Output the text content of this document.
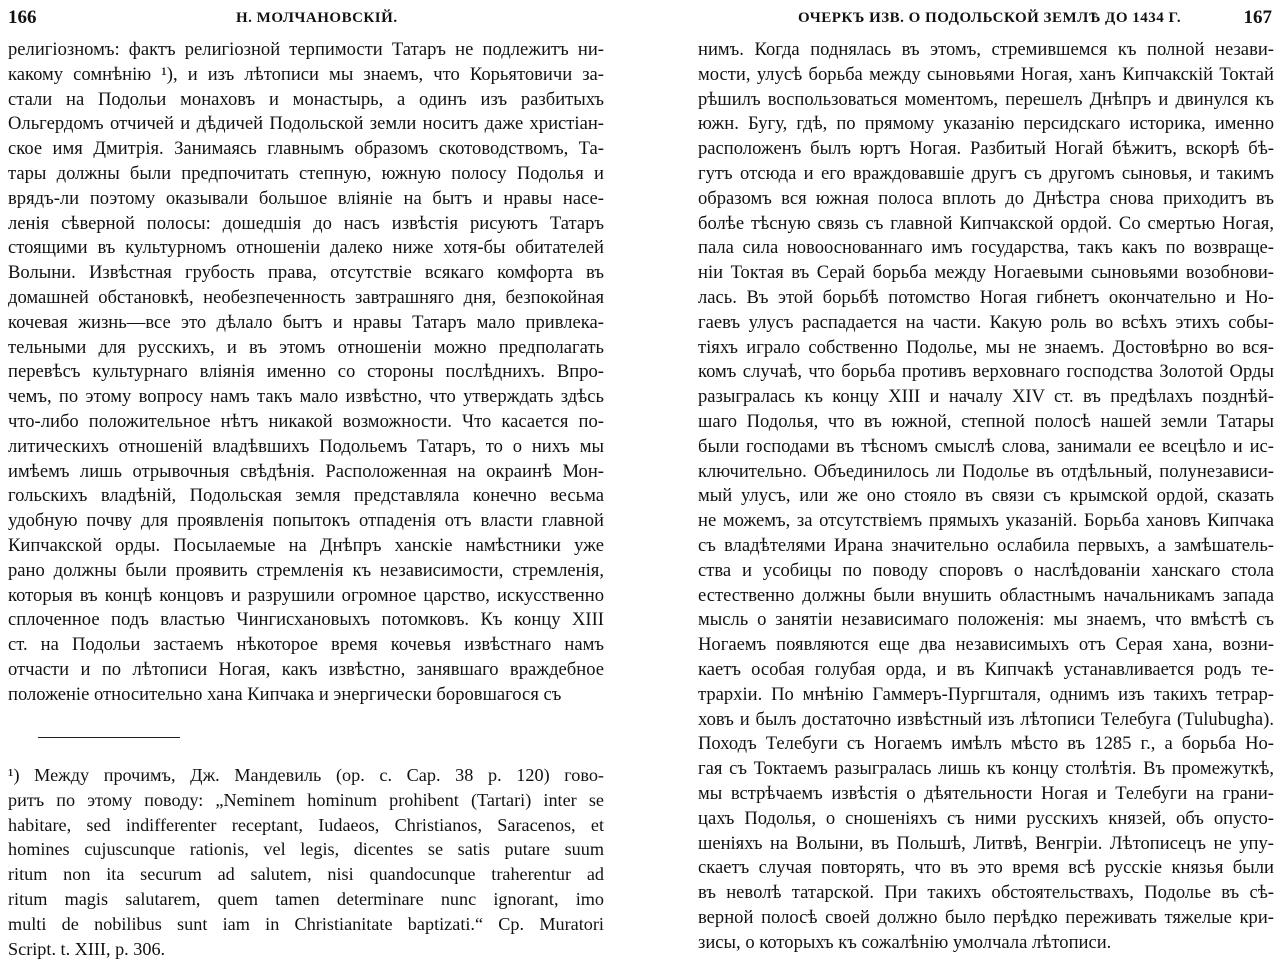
166	Н. МОЛЧАНОВСКІЙ.
религіозномъ: фактъ религіозной терпимости Татаръ не подлежитъ ни-
какому сомнѣнію ¹), и изъ лѣтописи мы знаемъ, что Корьятовичи за-
стали на Подольи монаховъ и монастырь, а одинъ изъ разбитыхъ
Ольгердомъ отчичей и дѣдичей Подольской земли носитъ даже христіан-
ское имя Дмитрія. Занимаясь главнымъ образомъ скотоводствомъ, Та-
тары должны были предпочитать степную, южную полосу Подолья и
врядъ-ли поэтому оказывали большое вліяніе на бытъ и нравы насе-
ленія сѣверной полосы: дошедшія до насъ извѣстія рисуютъ Татаръ
стоящими въ культурномъ отношеніи далеко ниже хотя-бы обитателей
Волыни. Извѣстная грубость права, отсутствіе всякаго комфорта въ
домашней обстановкѣ, необезпеченность завтрашняго дня, безпокойная
кочевая жизнь—все это дѣлало бытъ и нравы Татаръ мало привлека-
тельными для русскихъ, и въ этомъ отношеніи можно предполагать
перевѣсъ культурнаго вліянія именно со стороны послѣднихъ. Впро-
чемъ, по этому вопросу намъ такъ мало извѣстно, что утверждать здѣсь
что-либо положительное нѣтъ никакой возможности. Что касается по-
литическихъ отношеній владѣвшихъ Подольемъ Татаръ, то о нихъ мы
имѣемъ лишь отрывочныя свѣдѣнія. Расположенная на окраинѣ Мон-
гольскихъ владѣній, Подольская земля представляла конечно весьма
удобную почву для проявленія попытокъ отпаденія отъ власти главной
Кипчакской орды. Посылаемые на Днѣпръ ханскіе намѣстники уже
рано должны были проявить стремленія къ независимости, стремленія,
которыя въ концѣ концовъ и разрушили огромное царство, искусственно
сплоченное подъ властью Чингисхановыхъ потомковъ. Къ концу XIII
ст. на Подольи застаемъ нѣкоторое время кочевья извѣстнаго намъ
отчасти и по лѣтописи Ногая, какъ извѣстно, занявшаго враждебное
положеніе относительно хана Кипчака и энергически боровшагося съ
¹) Между прочимъ, Дж. Мандевиль (ор. с. Сар. 38 р. 120) гово-
ритъ по этому поводу: „Neminem hominum prohibent (Tartari) inter se
habitare, sed indifferenter receptant, Iudaeos, Christianos, Saracenos, et
homines cujuscunque rationis, vel legis, dicentes se satis putare suum
ritum non ita securum ad salutem, nisi quandocunque traherentur ad
ritum magis salutarem, quem tamen determinare nunc ignorant, imo
multi de nobilibus sunt iam in Christianitate baptizati.“ Cp. Muratori
Script. t. XIII, p. 306.
ОЧЕРКЪ ИЗВ. О ПОДОЛЬСКОЙ ЗЕМЛѢ ДО 1434 Г.	167
нимъ. Когда поднялась въ этомъ, стремившемся къ полной незави-
мости, улусѣ борьба между сыновьями Ногая, ханъ Кипчакскій Токтай
рѣшилъ воспользоваться моментомъ, перешелъ Днѣпръ и двинулся къ
южн. Бугу, гдѣ, по прямому указанію персидскаго историка, именно
расположенъ былъ юртъ Ногая. Разбитый Ногай бѣжитъ, вскорѣ бѣ-
гутъ отсюда и его враждовавшіе другъ съ другомъ сыновья, и такимъ
образомъ вся южная полоса вплоть до Днѣстра снова приходитъ въ
болѣе тѣсную связь съ главной Кипчакской ордой. Со смертью Ногая,
пала сила новооснованнаго имъ государства, такъ какъ по возвраще-
ніи Токтая въ Серай борьба между Ногаевыми сыновьями возобнови-
лась. Въ этой борьбѣ потомство Ногая гибнетъ окончательно и Но-
гаевъ улусъ распадается на части. Какую роль во всѣхъ этихъ собы-
тіяхъ играло собственно Подолье, мы не знаемъ. Достовѣрно во вся-
комъ случаѣ, что борьба противъ верховнаго господства Золотой Орды
разыгралась къ концу XIII и началу XIV ст. въ предѣлахъ позднѣй-
шаго Подолья, что въ южной, степной полосѣ нашей земли Татары
были господами въ тѣсномъ смыслѣ слова, занимали ее всецѣло и ис-
ключительно. Объединилось ли Подолье въ отдѣльный, полунезависи-
мый улусъ, или же оно стояло въ связи съ крымской ордой, сказать
не можемъ, за отсутствіемъ прямыхъ указаній. Борьба хановъ Кипчака
съ владѣтелями Ирана значительно ослабила первыхъ, а замѣшатель-
ства и усобицы по поводу споровъ о наслѣдованіи ханскаго стола
естественно должны были внушить областнымъ начальникамъ запада
мысль о занятіи независимаго положенія: мы знаемъ, что вмѣстѣ съ
Ногаемъ появляются еще два независимыхъ отъ Серая хана, возни-
каетъ особая голубая орда, и въ Кипчакѣ устанавливается родъ те-
трархіи. По мнѣнію Гаммеръ-Пургшталя, однимъ изъ такихъ тетрар-
ховъ и былъ достаточно извѣстный изъ лѣтописи Телебуга (Tulubugha).
Походъ Телебуги съ Ногаемъ имѣлъ мѣсто въ 1285 г., а борьба Но-
гая съ Токтаемъ разыгралась лишь къ концу столѣтія. Въ промежуткѣ,
мы встрѣчаемъ извѣстія о дѣятельности Ногая и Телебуги на грани-
цахъ Подолья, о сношеніяхъ съ ними русскихъ князей, объ опусто-
шеніяхъ на Волыни, въ Польшѣ, Литвѣ, Венгріи. Лѣтописецъ не упу-
скаетъ случая повторять, что въ это время всѣ русскіе князья были
въ неволѣ татарской. При такихъ обстоятельствахъ, Подолье въ сѣ-
верной полосѣ своей должно было перѣдко переживать тяжелые кри-
зисы, о которыхъ къ сожалѣнію умолчала лѣтописи.
